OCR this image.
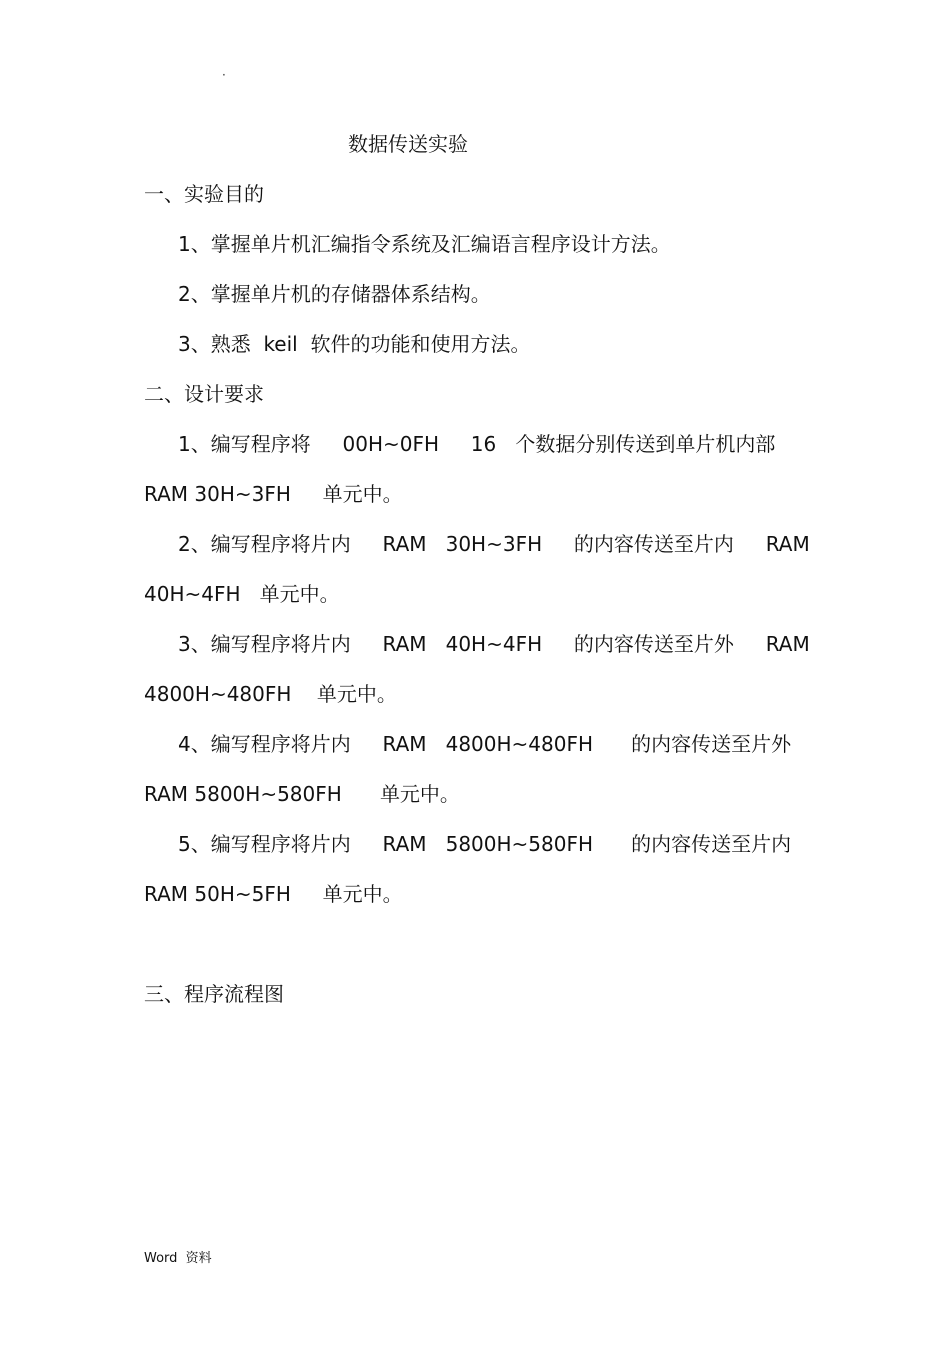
·
数据传送实验
一、实验目的
1、掌握单片机汇编指令系统及汇编语言程序设计方法。
2、掌握单片机的存储器体系结构。
3、熟悉  keil  软件的功能和使用方法。
二、设计要求
1、编写程序将     00H~0FH     16   个数据分别传送到单片机内部
RAM 30H~3FH     单元中。
2、编写程序将片内     RAM   30H~3FH     的内容传送至片内     RAM
40H~4FH   单元中。
3、编写程序将片内     RAM   40H~4FH     的内容传送至片外     RAM
4800H~480FH    单元中。
4、编写程序将片内     RAM   4800H~480FH      的内容传送至片外
RAM 5800H~580FH      单元中。
5、编写程序将片内     RAM   5800H~580FH      的内容传送至片内
RAM 50H~5FH     单元中。
三、程序流程图
Word  资料
